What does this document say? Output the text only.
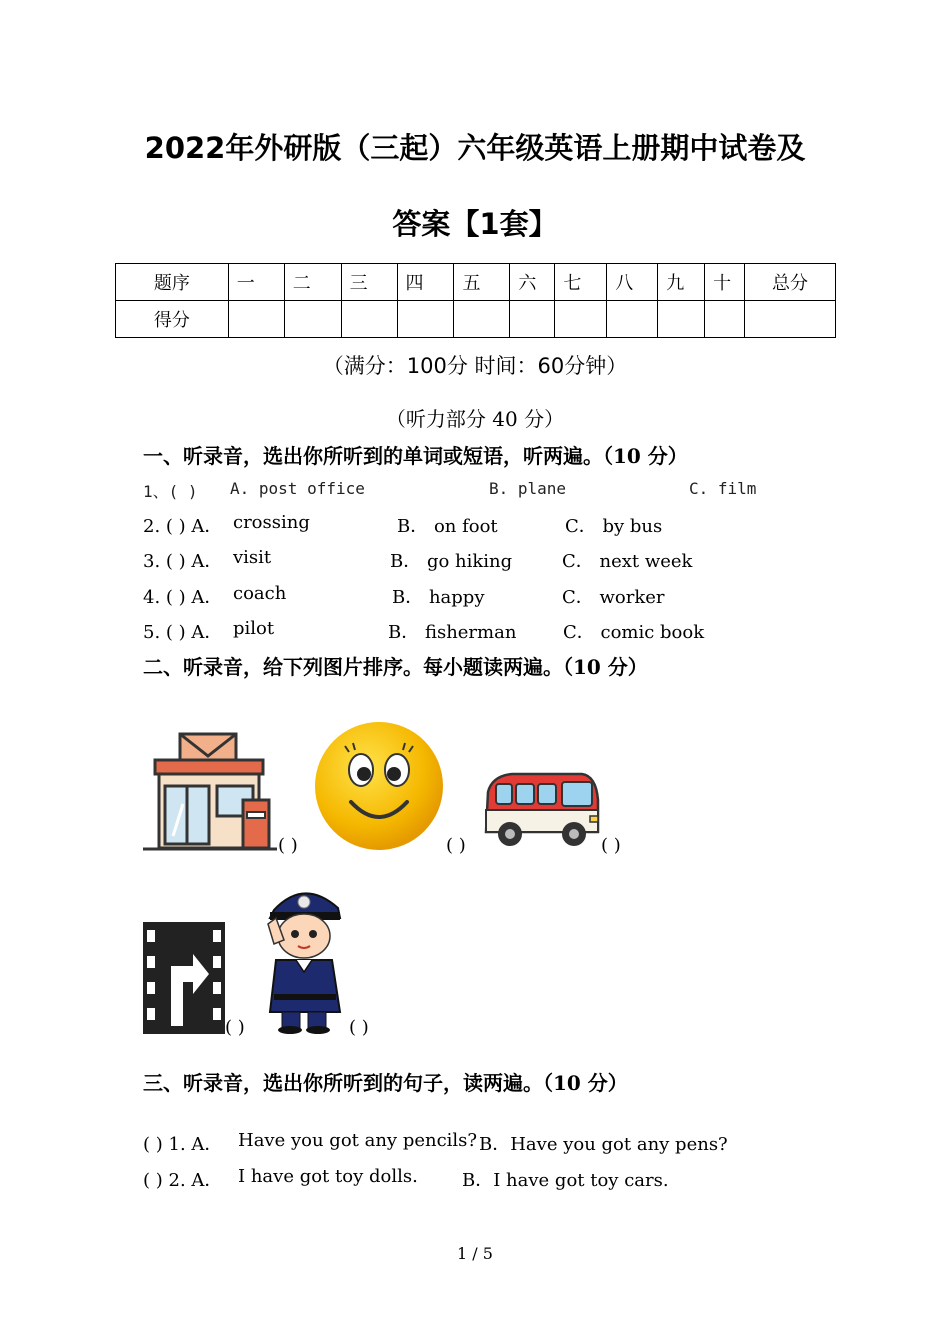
2022年外研版（三起）六年级英语上册期中试卷及
答案【1套】
题序	一	二	三	四	五	六	七	八	九	十	总分
得分											
（满分：100分 时间：60分钟）
（听力部分 40 分）
一、听录音，选出你所听到的单词或短语，听两遍。（10 分）
1、( ) A. post office	B. plane	C. film
2. ( ) A． crossing	B． on foot	C． by bus
3. ( ) A． visit	B． go hiking	C． next week
4. ( ) A． coach	B． happy	C． worker
5. ( ) A． pilot	B． fisherman	C． comic book
二、听录音，给下列图片排序。每小题读两遍。（10 分）
( )	( )	( )
( )	( )
三、听录音，选出你所听到的句子，读两遍。（10 分）
( ) 1. A． Have you got any pencils? B．Have you got any pens?
( ) 2. A． I have got toy dolls. B．I have got toy cars.
1 / 5
